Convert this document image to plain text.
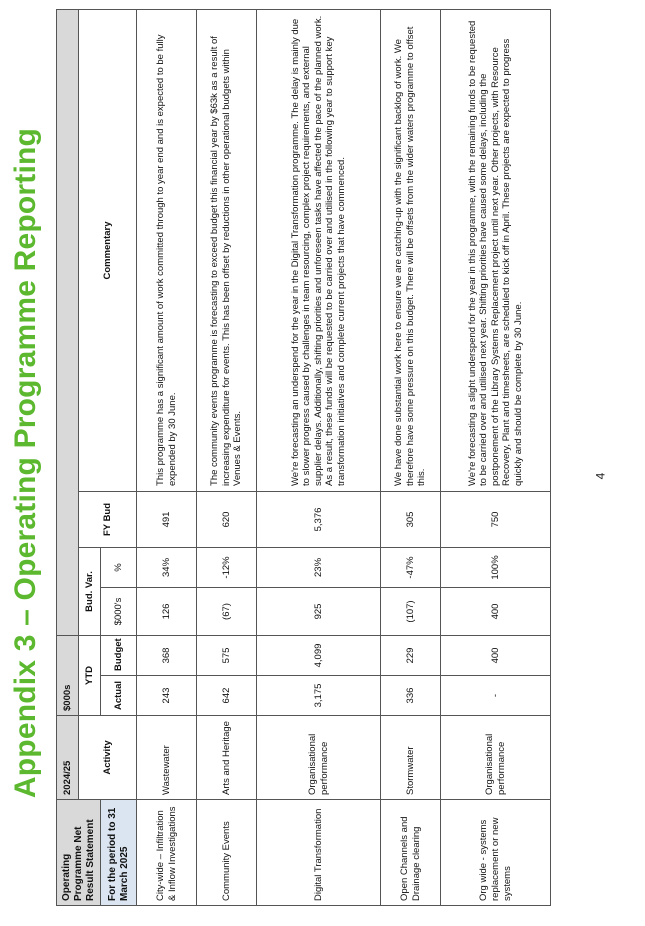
Appendix 3 – Operating Programme Reporting
Operating Programme Net Result Statement	2024/25	$000s					
	Activity	YTD		Bud. Var.		FY Bud	Commentary
For the period to 31 March 2025		Actual	Budget	$000's	%		
City-wide – Infiltration & Inflow Investigations	Wastewater	243	368	126	34%	491	This programme has a significant amount of work committed through to year end and is expected to be fully expended by 30 June.
Community Events	Arts and Heritage	642	575	(67)	-12%	620	The community events programme is forecasting to exceed budget this financial year by $63k as a result of increasing expenditure for events. This has been offset by reductions in other operational budgets within Venues & Events.
Digital Transformation	Organisational performance	3,175	4,099	925	23%	5,376	We're forecasting an underspend for the year in the Digital Transformation programme. The delay is mainly due to slower progress caused by challenges in team resourcing, complex project requirements, and external supplier delays. Additionally, shifting priorities and unforeseen tasks have affected the pace of the planned work. As a result, these funds will be requested to be carried over and utilised in the following year to support key transformation initiatives and complete current projects that have commenced.
Open Channels and Drainage clearing	Stormwater	336	229	(107)	-47%	305	We have done substantial work here to ensure we are catching-up with the significant backlog of work. We therefore have some pressure on this budget. There will be offsets from the wider waters programme to offset this.
Org wide - systems replacement or new systems	Organisational performance	-	400	400	100%	750	We're forecasting a slight underspend for the year in this programme, with the remaining funds to be requested to be carried over and utilised next year. Shifting priorities have caused some delays, including the postponement of the Library Systems Replacement project until next year. Other projects, with Resource Recovery, Plant and timesheets, are scheduled to kick off in April. These projects are expected to progress quickly and should be complete by 30 June.	4
